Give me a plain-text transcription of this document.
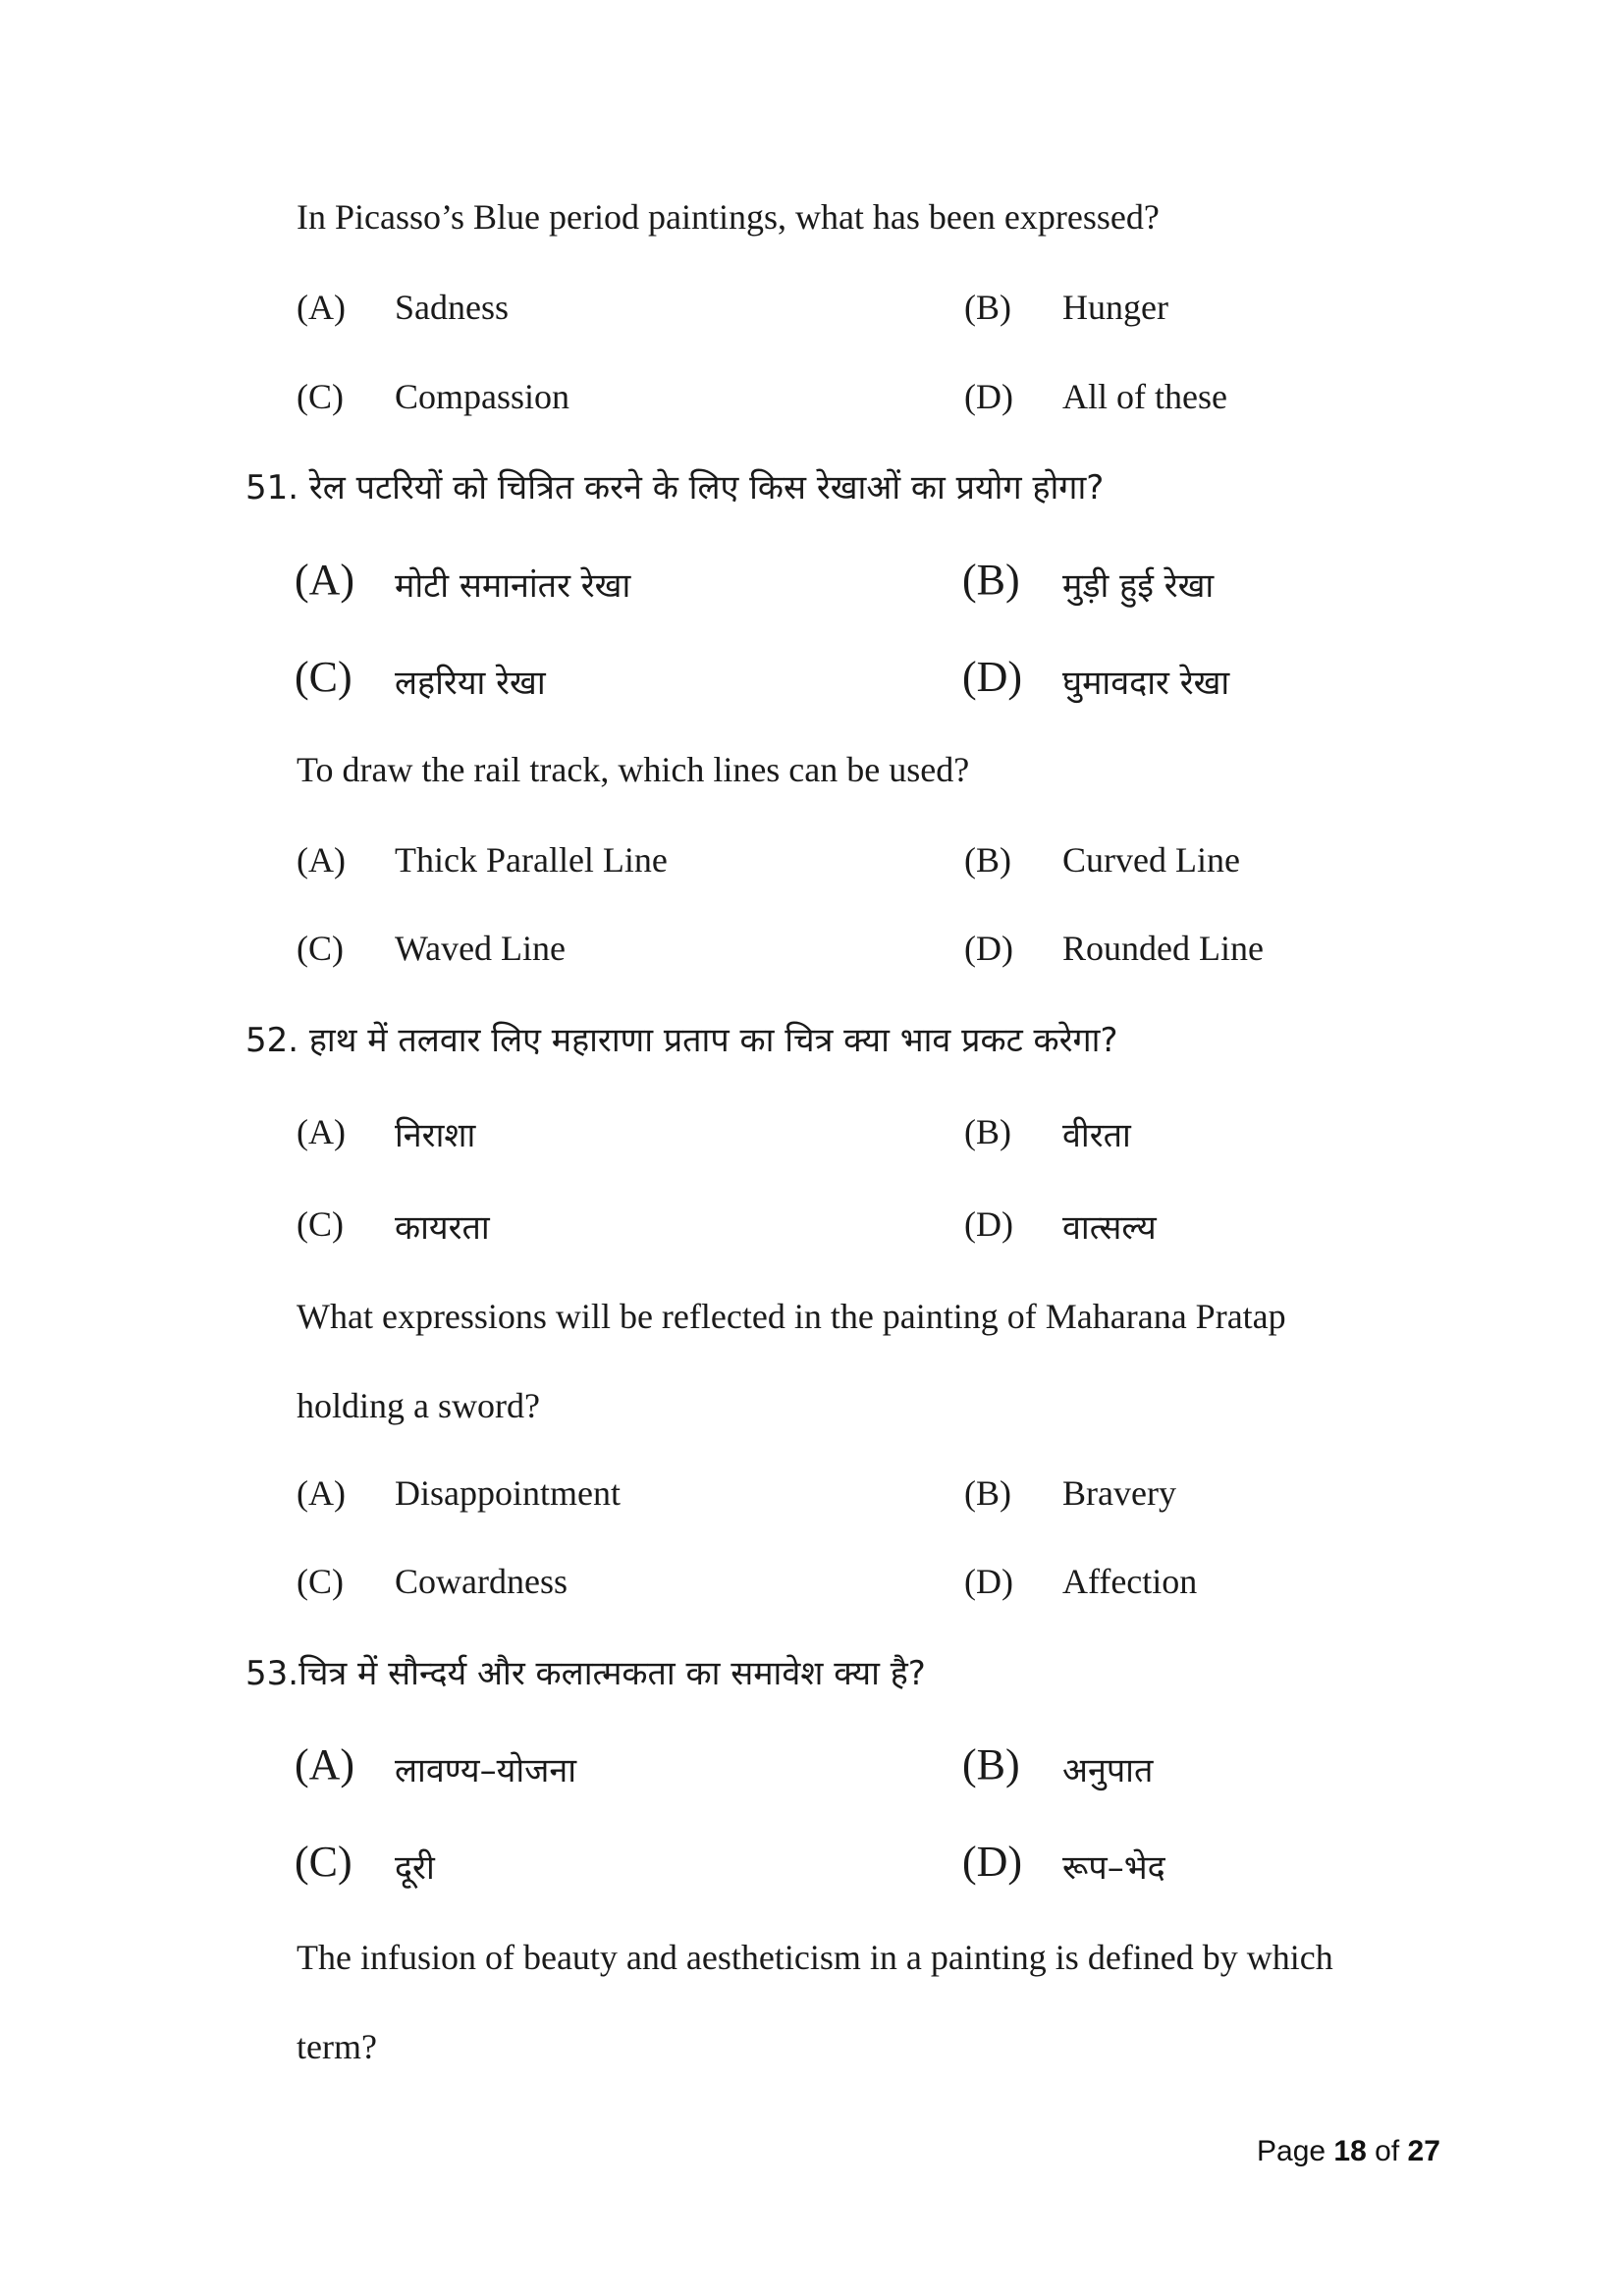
In Picasso’s Blue period paintings, what has been expressed?
(A) Sadness	(B) Hunger
(C) Compassion	(D) All of these
51. रेल पटरियों को चित्रित करने के लिए किस रेखाओं का प्रयोग होगा?
(A) मोटी समानांतर रेखा	(B) मुड़ी हुई रेखा
(C) लहरिया रेखा	(D) घुमावदार रेखा
To draw the rail track, which lines can be used?
(A) Thick Parallel Line	(B) Curved Line
(C) Waved Line	(D) Rounded Line
52. हाथ में तलवार लिए महाराणा प्रताप का चित्र क्या भाव प्रकट करेगा?
(A) निराशा	(B) वीरता
(C) कायरता	(D) वात्सल्य
What expressions will be reflected in the painting of Maharana Pratap
holding a sword?
(A) Disappointment	(B) Bravery
(C) Cowardness	(D) Affection
53.चित्र में सौन्दर्य और कलात्मकता का समावेश क्या है?
(A) लावण्य–योजना	(B) अनुपात
(C) दूरी	(D) रूप–भेद
The infusion of beauty and aestheticism in a painting is defined by which
term?
Page 18 of 27
